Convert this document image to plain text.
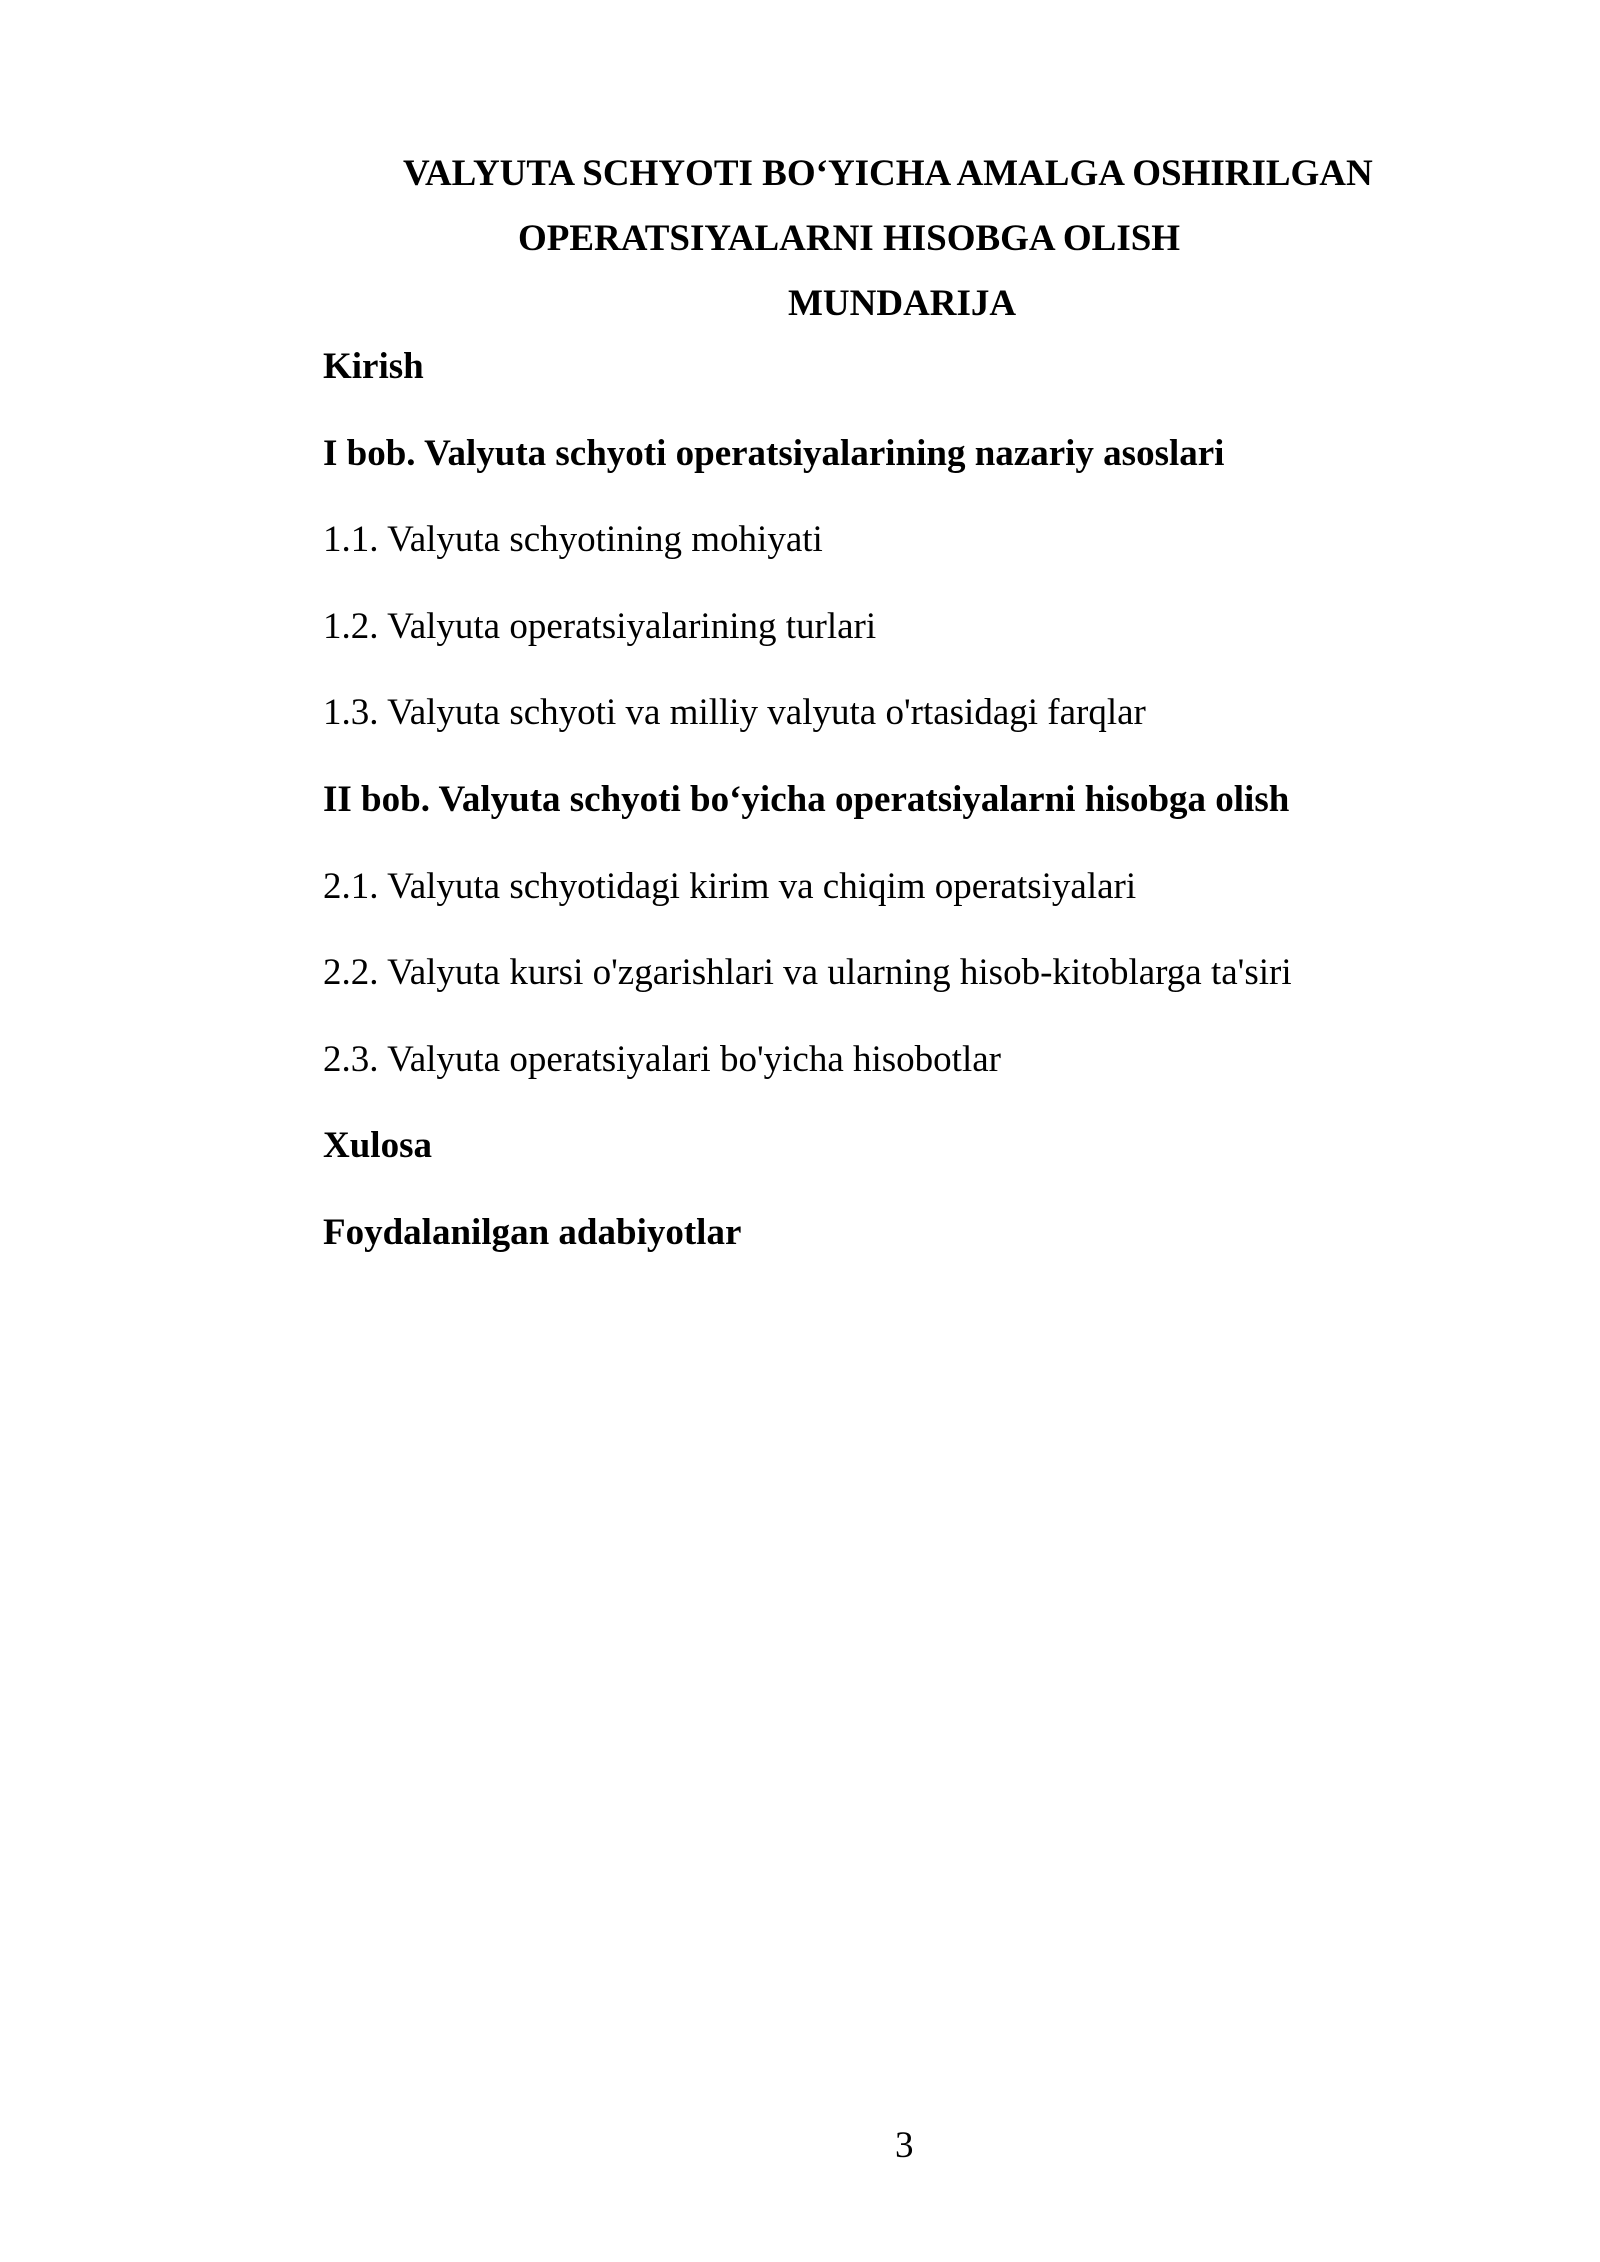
VALYUTA SCHYOTI BO‘YICHA AMALGA OSHIRILGAN
OPERATSIYALARNI HISOBGA OLISH
MUNDARIJA
Kirish
I bob. Valyuta schyoti operatsiyalarining nazariy asoslari
1.1. Valyuta schyotining mohiyati
1.2. Valyuta operatsiyalarining turlari
1.3. Valyuta schyoti va milliy valyuta o'rtasidagi farqlar
II bob. Valyuta schyoti bo‘yicha operatsiyalarni hisobga olish
2.1. Valyuta schyotidagi kirim va chiqim operatsiyalari
2.2. Valyuta kursi o'zgarishlari va ularning hisob-kitoblarga ta'siri
2.3. Valyuta operatsiyalari bo'yicha hisobotlar
Xulosa
Foydalanilgan adabiyotlar
3
